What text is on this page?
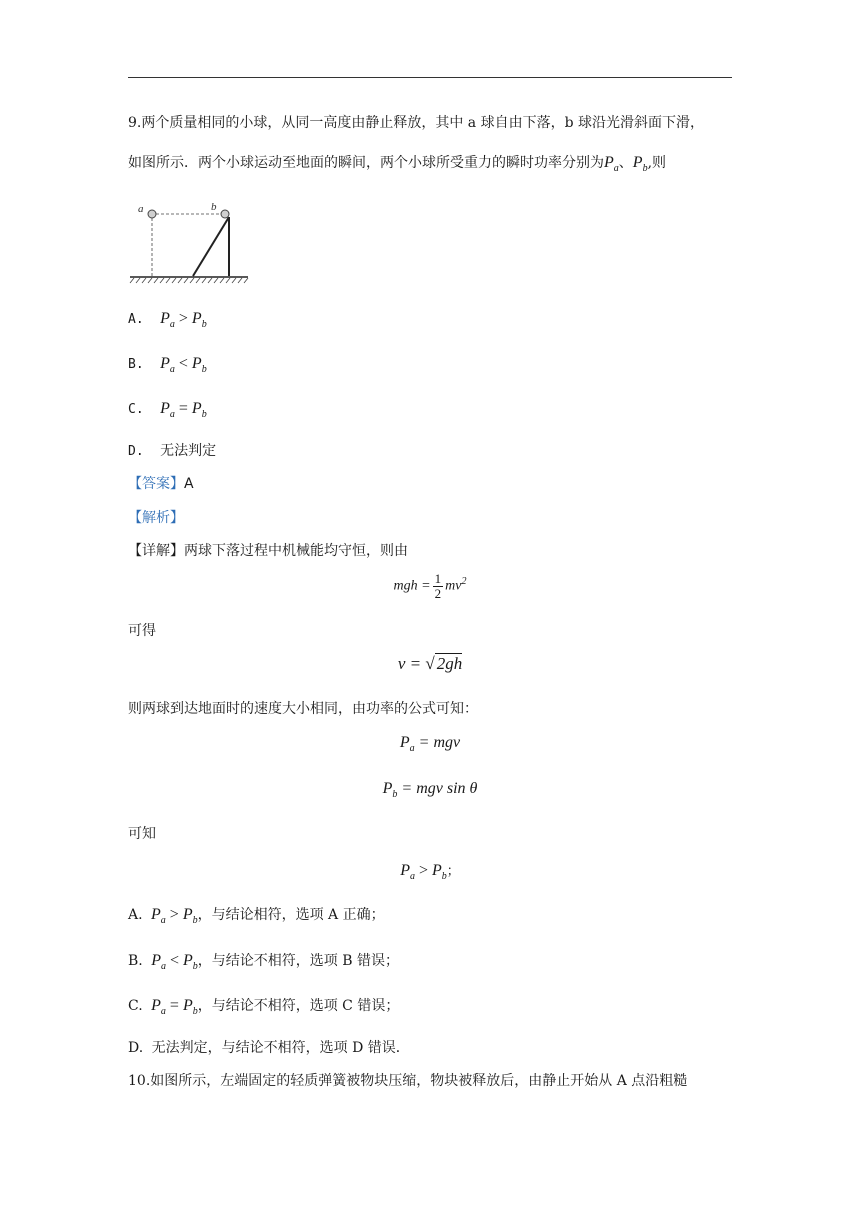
9.两个质量相同的小球，从同一高度由静止释放，其中 a 球自由下落，b 球沿光滑斜面下滑，
如图所示．两个小球运动至地面的瞬间，两个小球所受重力的瞬时功率分别为$P_a$、$P_b$,则
a	b
A. $P_a > P_b$
B. $P_a < P_b$
C. $P_a = P_b$
D. 无法判定
【答案】A
【解析】
【详解】两球下落过程中机械能均守恒，则由
mgh = $\frac{1}{2} mv^2$
可得
v = √ 2gh
则两球到达地面时的速度大小相同，由功率的公式可知：
$P_a$ = mgv
$P_b$ = mgv sin θ
可知
$P_a > P_b$；
A. $P_a > P_b$，与结论相符，选项 A 正确；
B. $P_a < P_b$，与结论不相符，选项 B 错误；
C. $P_a = P_b$，与结论不相符，选项 C 错误；
D. 无法判定，与结论不相符，选项 D 错误．
10.如图所示，左端固定的轻质弹簧被物块压缩，物块被释放后，由静止开始从 A 点沿粗糙
